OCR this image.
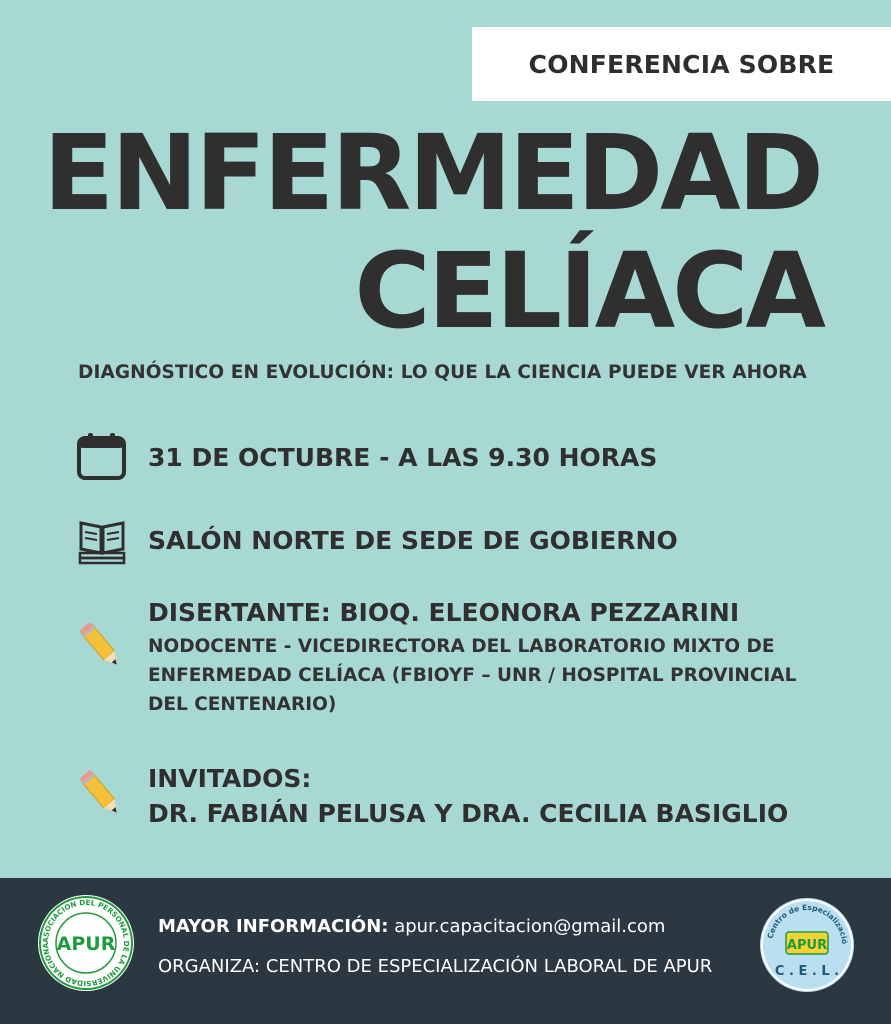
CONFERENCIA SOBRE
ENFERMEDAD
CELÍACA
DIAGNÓSTICO EN EVOLUCIÓN: LO QUE LA CIENCIA PUEDE VER AHORA
31 DE OCTUBRE - A LAS 9.30 HORAS
SALÓN NORTE DE SEDE DE GOBIERNO
DISERTANTE: BIOQ. ELEONORA PEZZARINI
NODOCENTE - VICEDIRECTORA DEL LABORATORIO MIXTO DE
ENFERMEDAD CELÍACA (FBIOYF – UNR / HOSPITAL PROVINCIAL
DEL CENTENARIO)
INVITADOS:
DR. FABIÁN PELUSA Y DRA. CECILIA BASIGLIO
MAYOR INFORMACIÓN: apur.capacitacion@gmail.com
ORGANIZA: CENTRO DE ESPECIALIZACIÓN LABORAL DE APUR
ASOCIACION DEL PERSONAL DE LA UNIVERSIDAD NACIONA APUR	Centro de Especializació
APUR
C . E . L .
